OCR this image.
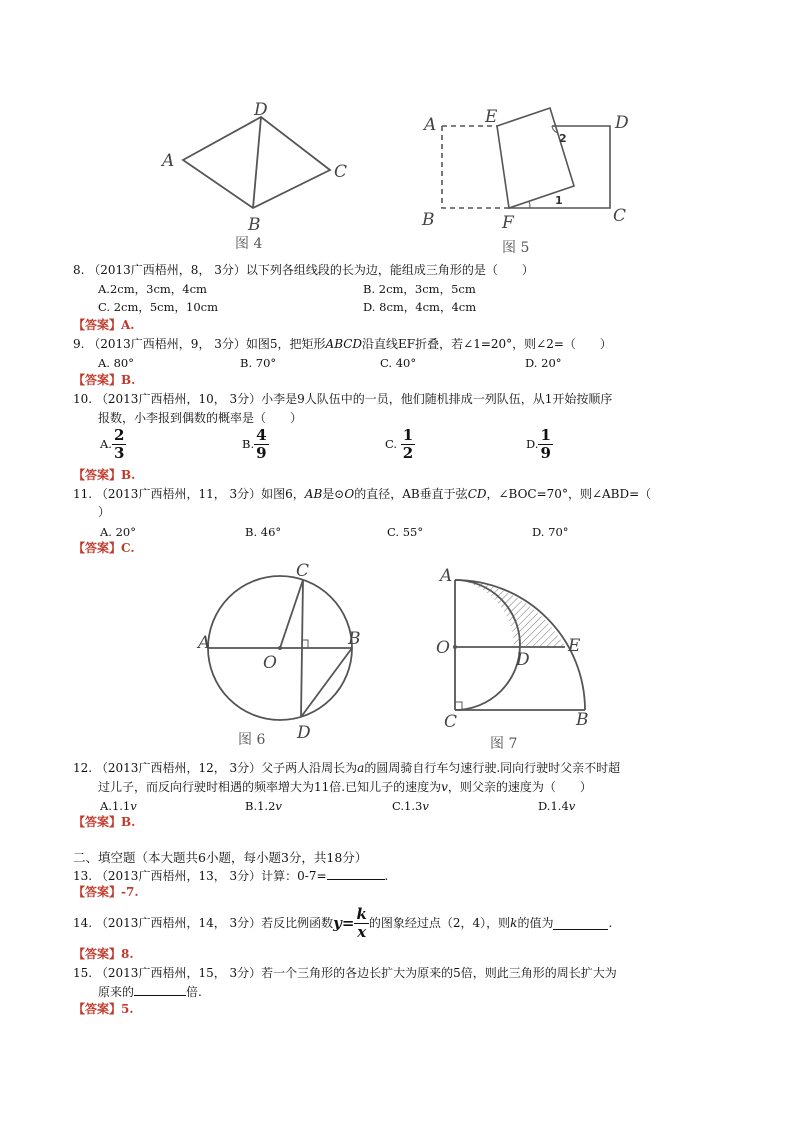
A
D
C
B
图 4
A	E	D
B	F	C
2
1
图 5
8. （2013广西梧州，8， 3分）以下列各组线段的长为边，能组成三角形的是（　　）
A.2cm，3cm，4cm	B. 2cm，3cm，5cm
C. 2cm，5cm，10cm	D. 8cm，4cm，4cm
【答案】A.
9. （2013广西梧州，9， 3分）如图5，把矩形ABCD沿直线EF折叠，若∠1=20°，则∠2=（　　）
A. 80°	B. 70°	C. 40°	D. 20°
【答案】B.
10. （2013广西梧州，10， 3分）小李是9人队伍中的一员，他们随机排成一列队伍，从1开始按顺序
报数，小李报到偶数的概率是（　　）
A. $\frac{2}{3}$	B. $\frac{4}{9}$	C. $\frac{1}{2}$	D. $\frac{1}{9}$
【答案】B.
11. （2013广西梧州，11， 3分）如图6，AB是⊙O的直径，AB垂直于弦CD，∠BOC=70°，则∠ABD=（
）
A. 20°	B. 46°	C. 55°	D. 70°
【答案】C.
A
C
B
O
D
图 6
A
O	E
D
C	B
图 7
12. （2013广西梧州，12， 3分）父子两人沿周长为a的圆周骑自行车匀速行驶.同向行驶时父亲不时超
过儿子，而反向行驶时相遇的频率增大为11倍.已知儿子的速度为v，则父亲的速度为（　　）
A.1.1v	B.1.2v	C.1.3v	D.1.4v
【答案】B.
二、填空题（本大题共6小题，每小题3分，共18分）
13. （2013广西梧州，13， 3分）计算：0-7=	.
【答案】-7.
14. （2013广西梧州，14， 3分）若反比例函数 $y = \frac{k}{x}$ 的图象经过点（2，4），则 k 的值为	.
【答案】8.
15. （2013广西梧州，15， 3分）若一个三角形的各边长扩大为原来的5倍，则此三角形的周长扩大为
原来的	倍.
【答案】5.
